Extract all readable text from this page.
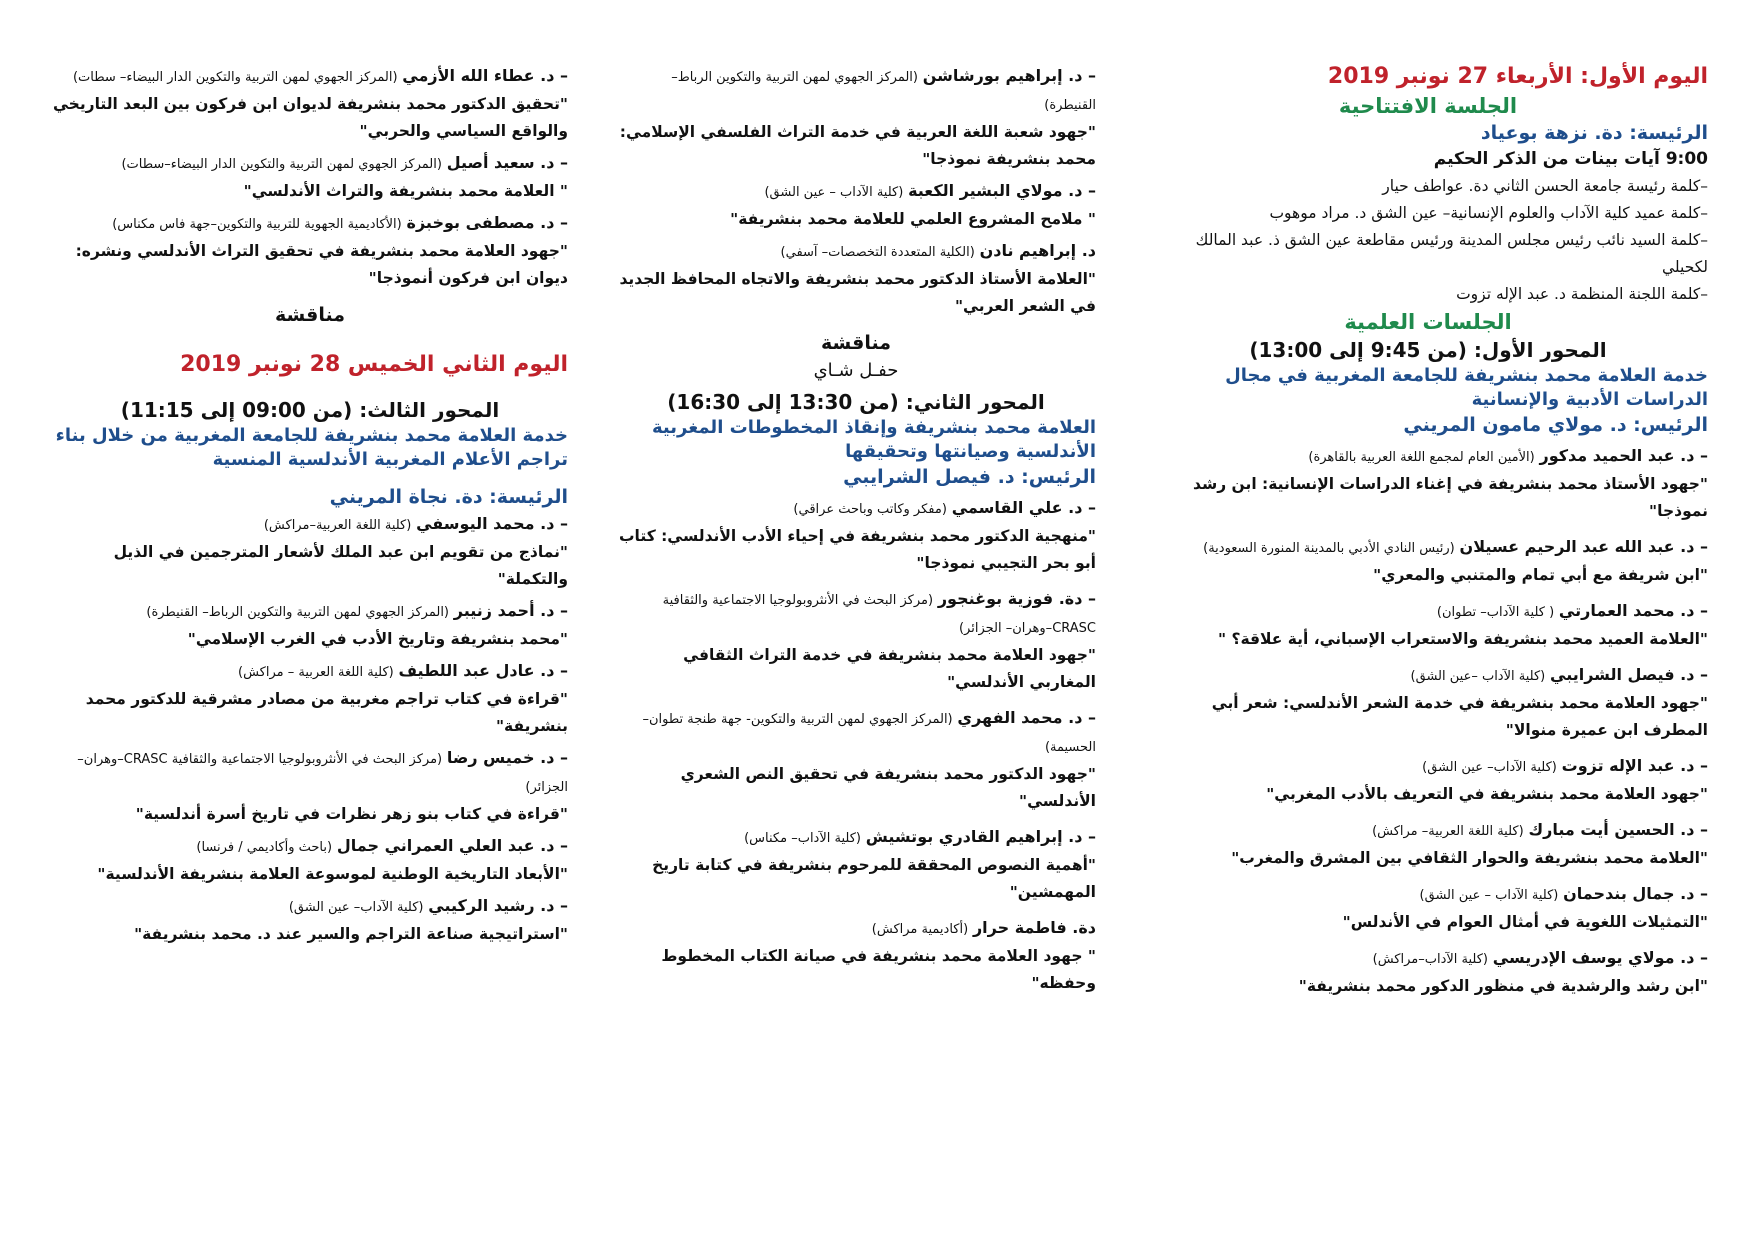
اليوم الأول: الأربعاء 27 نونبر 2019
الجلسة الافتتاحية
الرئيسة: دة. نزهة بوعياد
9:00 آيات بينات من الذكر الحكيم
–كلمة رئيسة جامعة الحسن الثاني دة. عواطف حيار
–كلمة عميد كلية الآداب والعلوم الإنسانية– عين الشق د. مراد موهوب
–كلمة السيد نائب رئيس مجلس المدينة ورئيس مقاطعة عين الشق ذ. عبد المالك لكحيلي
–كلمة اللجنة المنظمة د. عبد الإله تزوت
الجلسات العلمية
المحور الأول: (من 9:45 إلى 13:00)
خدمة العلامة محمد بنشريفة للجامعة المغربية في مجال الدراسات الأدبية والإنسانية
الرئيس: د. مولاي مامون المريني
– د. عبد الحميد مدكور (الأمين العام لمجمع اللغة العربية بالقاهرة)
"جهود الأستاذ محمد بنشريفة في إغناء الدراسات الإنسانية: ابن رشد نموذجا"
– د. عبد الله عبد الرحيم عسيلان (رئيس النادي الأدبي بالمدينة المنورة السعودية)
"ابن شريفة مع أبي تمام والمتنبي والمعري"
– د. محمد العمارتي ( كلية الآداب– تطوان)
"العلامة العميد محمد بنشريفة والاستعراب الإسباني، أية علاقة؟ "
– د. فيصل الشرايبي (كلية الآداب –عين الشق)
"جهود العلامة محمد بنشريفة في خدمة الشعر الأندلسي: شعر أبي المطرف ابن عميرة منوالا"
– د. عبد الإله تزوت (كلية الآداب– عين الشق)
"جهود العلامة محمد بنشريفة في التعريف بالأدب المغربي"
– د. الحسين أيت مبارك (كلية اللغة العربية– مراكش)
"العلامة محمد بنشريفة والحوار الثقافي بين المشرق والمغرب"
– د. جمال بندحمان (كلية الآداب – عين الشق)
"التمثيلات اللغوية في أمثال العوام في الأندلس"
– د. مولاي يوسف الإدريسي (كلية الآداب–مراكش)
"ابن رشد والرشدية في منظور الدكور محمد بنشريفة"
– د. إبراهيم بورشاشن (المركز الجهوي لمهن التربية والتكوين الرباط– القنيطرة)
"جهود شعبة اللغة العربية في خدمة التراث الفلسفي الإسلامي: محمد بنشريفة نموذجا"
– د. مولاي البشير الكعبة (كلية الآداب – عين الشق)
" ملامح المشروع العلمي للعلامة محمد بنشريفة"
د. إبراهيم نادن (الكلية المتعددة التخصصات– آسفي)
"العلامة الأستاذ الدكتور محمد بنشريفة والاتجاه المحافظ الجديد في الشعر العربي"
مناقشة
حفـل شـاي
المحور الثاني: (من 13:30 إلى 16:30)
العلامة محمد بنشريفة وإنقاذ المخطوطات المغربية الأندلسية وصيانتها وتحقيقها
الرئيس: د. فيصل الشرايبي
– د. علي القاسمي (مفكر وكاتب وباحث عراقي)
"منهجية الدكتور محمد بنشريفة في إحياء الأدب الأندلسي: كتاب أبو بحر التجيبي نموذجا"
– دة. فوزية بوغنجور (مركز البحث في الأنثروبولوجيا الاجتماعية والثقافية CRASC–وهران– الجزائر)
"جهود العلامة محمد بنشريفة في خدمة التراث الثقافي المغاربي الأندلسي"
– د. محمد الفهري (المركز الجهوي لمهن التربية والتكوين- جهة طنجة تطوان–الحسيمة)
"جهود الدكتور محمد بنشريفة في تحقيق النص الشعري الأندلسي"
– د. إبراهيم القادري بوتشيش (كلية الآداب– مكناس)
"أهمية النصوص المحققة للمرحوم بنشريفة في كتابة تاريخ المهمشين"
دة. فاطمة حرار (أكاديمية مراكش)
" جهود العلامة محمد بنشريفة في صيانة الكتاب المخطوط وحفظه"
– د. عطاء الله الأزمي (المركز الجهوي لمهن التربية والتكوين الدار البيضاء– سطات)
"تحقيق الدكتور محمد بنشريفة لديوان ابن فركون بين البعد التاريخي والواقع السياسي والحربي"
– د. سعيد أصيل (المركز الجهوي لمهن التربية والتكوين الدار البيضاء–سطات)
" العلامة محمد بنشريفة والتراث الأندلسي"
– د. مصطفى بوخبزة (الأكاديمية الجهوية للتربية والتكوين–جهة فاس مكناس)
"جهود العلامة محمد بنشريفة في تحقيق التراث الأندلسي ونشره: ديوان ابن فركون أنموذجا"
مناقشة
اليوم الثاني الخميس 28 نونبر 2019
المحور الثالث: (من 09:00 إلى 11:15)
خدمة العلامة محمد بنشريفة للجامعة المغربية من خلال بناء تراجم الأعلام المغربية الأندلسية المنسية
الرئيسة: دة. نجاة المريني
– د. محمد اليوسفي (كلية اللغة العربية–مراكش)
"نماذج من تقويم ابن عبد الملك لأشعار المترجمين في الذيل والتكملة"
– د. أحمد زنيبر (المركز الجهوي لمهن التربية والتكوين الرباط– القنيطرة)
"محمد بنشريفة وتاريخ الأدب في الغرب الإسلامي"
– د. عادل عبد اللطيف (كلية اللغة العربية – مراكش)
"قراءة في كتاب تراجم مغربية من مصادر مشرقية للدكتور محمد بنشريفة"
– د. خميس رضا (مركز البحث في الأنثروبولوجيا الاجتماعية والثقافية CRASC–وهران–الجزائر)
"قراءة في كتاب بنو زهر نظرات في تاريخ أسرة أندلسية"
– د. عبد العلي العمراني جمال (باحث وأكاديمي / فرنسا)
"الأبعاد التاريخية الوطنية لموسوعة العلامة بنشريفة الأندلسية"
– د. رشيد الركيبي (كلية الآداب– عين الشق)
"استراتيجية صناعة التراجم والسير عند د. محمد بنشريفة"
